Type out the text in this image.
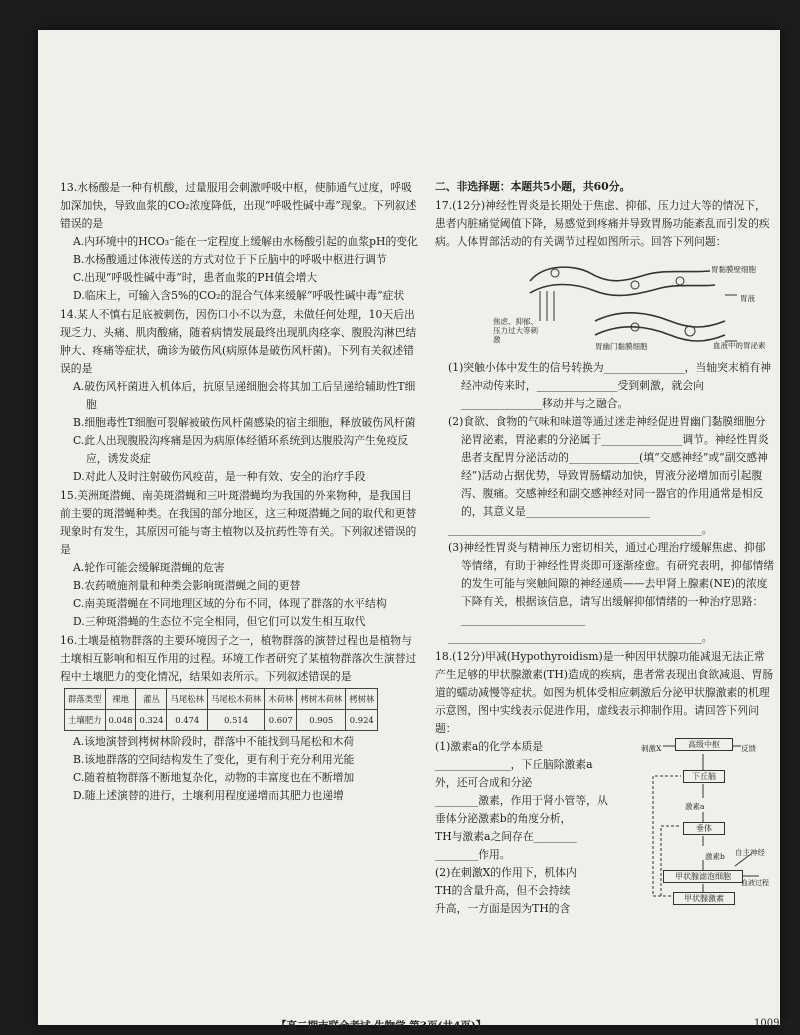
13.水杨酸是一种有机酸，过量服用会刺激呼吸中枢，使肺通气过度，呼吸加深加快，导致血浆的CO₂浓度降低，出现“呼吸性碱中毒”现象。下列叙述错误的是

A.内环境中的HCO₃⁻能在一定程度上缓解由水杨酸引起的血浆pH的变化

B.水杨酸通过体液传送的方式对位于下丘脑中的呼吸中枢进行调节

C.出现“呼吸性碱中毒”时，患者血浆的PH值会增大

D.临床上，可输入含5%的CO₂的混合气体来缓解“呼吸性碱中毒”症状

14.某人不慎右足底被刺伤，因伤口小不以为意，未做任何处理，10天后出现乏力、头痛、肌肉酸痛，随着病情发展最终出现肌肉痉挛、腹股沟淋巴结肿大、疼痛等症状，确诊为破伤风(病原体是破伤风杆菌)。下列有关叙述错误的是

A.破伤风杆菌进入机体后，抗原呈递细胞会将其加工后呈递给辅助性T细胞

B.细胞毒性T细胞可裂解被破伤风杆菌感染的宿主细胞，释放破伤风杆菌

C.此人出现腹股沟疼痛是因为病原体经循环系统到达腹股沟产生免疫反应，诱发炎症

D.对此人及时注射破伤风疫苗，是一种有效、安全的治疗手段

15.美洲斑潜蝇、南美斑潜蝇和三叶斑潜蝇均为我国的外来物种，是我国目前主要的斑潜蝇种类。在我国的部分地区，这三种斑潜蝇之间的取代和更替现象时有发生，其原因可能与寄主植物以及抗药性等有关。下列叙述错误的是

A.轮作可能会缓解斑潜蝇的危害

B.农药喷施剂量和种类会影响斑潜蝇之间的更替

C.南美斑潜蝇在不同地理区域的分布不同，体现了群落的水平结构

D.三种斑潜蝇的生态位不完全相同，但它们可以发生相互取代

16.土壤是植物群落的主要环境因子之一，植物群落的演替过程也是植物与土壤相互影响和相互作用的过程。环境工作者研究了某植物群落次生演替过程中土壤肥力的变化情况，结果如表所示。下列叙述错误的是

群落类型	裸地	灌丛	马尾松林	马尾松木荷林	木荷林	栲树木荷林	栲树林
土壤肥力	0.048	0.324	0.474	0.514	0.607	0.905	0.924

A.该地演替到栲树林阶段时，群落中不能找到马尾松和木荷

B.该地群落的空间结构发生了变化，更有利于充分利用光能

C.随着植物群落不断地复杂化，动物的丰富度也在不断增加

D.随上述演替的进行，土壤利用程度递增而其肥力也递增

二、非选择题：本题共5小题，共60分。

17.(12分)神经性胃炎是长期处于焦虑、抑郁、压力过大等的情况下，患者内脏痛觉阈值下降，易感觉到疼痛并导致胃肠功能紊乱而引发的疾病。人体胃部活动的有关调节过程如图所示。回答下列问题：

焦虑、抑郁、压力过大等刺激
胃黏膜壁细胞
胃液
胃幽门黏膜细胞	血液中的胃泌素

(1)突触小体中发生的信号转换为_______________，当轴突末梢有神经冲动传来时，_______________受到刺激，就会向_______________移动并与之融合。

(2)食欲、食物的气味和味道等通过迷走神经促进胃幽门黏膜细胞分泌胃泌素，胃泌素的分泌属于_______________调节。神经性胃炎患者支配胃分泌活动的_____________(填“交感神经”或“副交感神经”)活动占据优势，导致胃肠蠕动加快，胃液分泌增加而引起腹泻、腹痛。交感神经和副交感神经对同一器官的作用通常是相反的，其意义是_______________________

_______________________________________________。

(3)神经性胃炎与精神压力密切相关，通过心理治疗缓解焦虑、抑郁等情绪，有助于神经性胃炎即可逐渐痊愈。有研究表明，抑郁情绪的发生可能与突触间隙的神经递质——去甲肾上腺素(NE)的浓度下降有关，根据该信息，请写出缓解抑郁情绪的一种治疗思路：_______________________

_______________________________________________。

18.(12分)甲减(Hypothyroidism)是一种因甲状腺功能减退无法正常产生足够的甲状腺激素(TH)造成的疾病，患者常表现出食欲减退、胃肠道的蠕动减慢等症状。如图为机体受相应刺激后分泌甲状腺激素的机理示意图，图中实线表示促进作用，虚线表示抑制作用。请回答下列问题：

(1)激素a的化学本质是

______________，下丘脑除激素a

外，还可合成和分泌

________激素，作用于肾小管等，从

垂体分泌激素b的角度分析，

TH与激素a之间存在________

________作用。

(2)在刺激X的作用下，机体内

TH的含量升高，但不会持续

升高，一方面是因为TH的含

刺激X	高级中枢	反馈
下丘脑
激素a
垂体
激素b 自主神经
甲状腺滤泡细胞
血液过程
甲状腺激素
【高二期末联合考试·生物学 第3页(共4页)】	10093B
